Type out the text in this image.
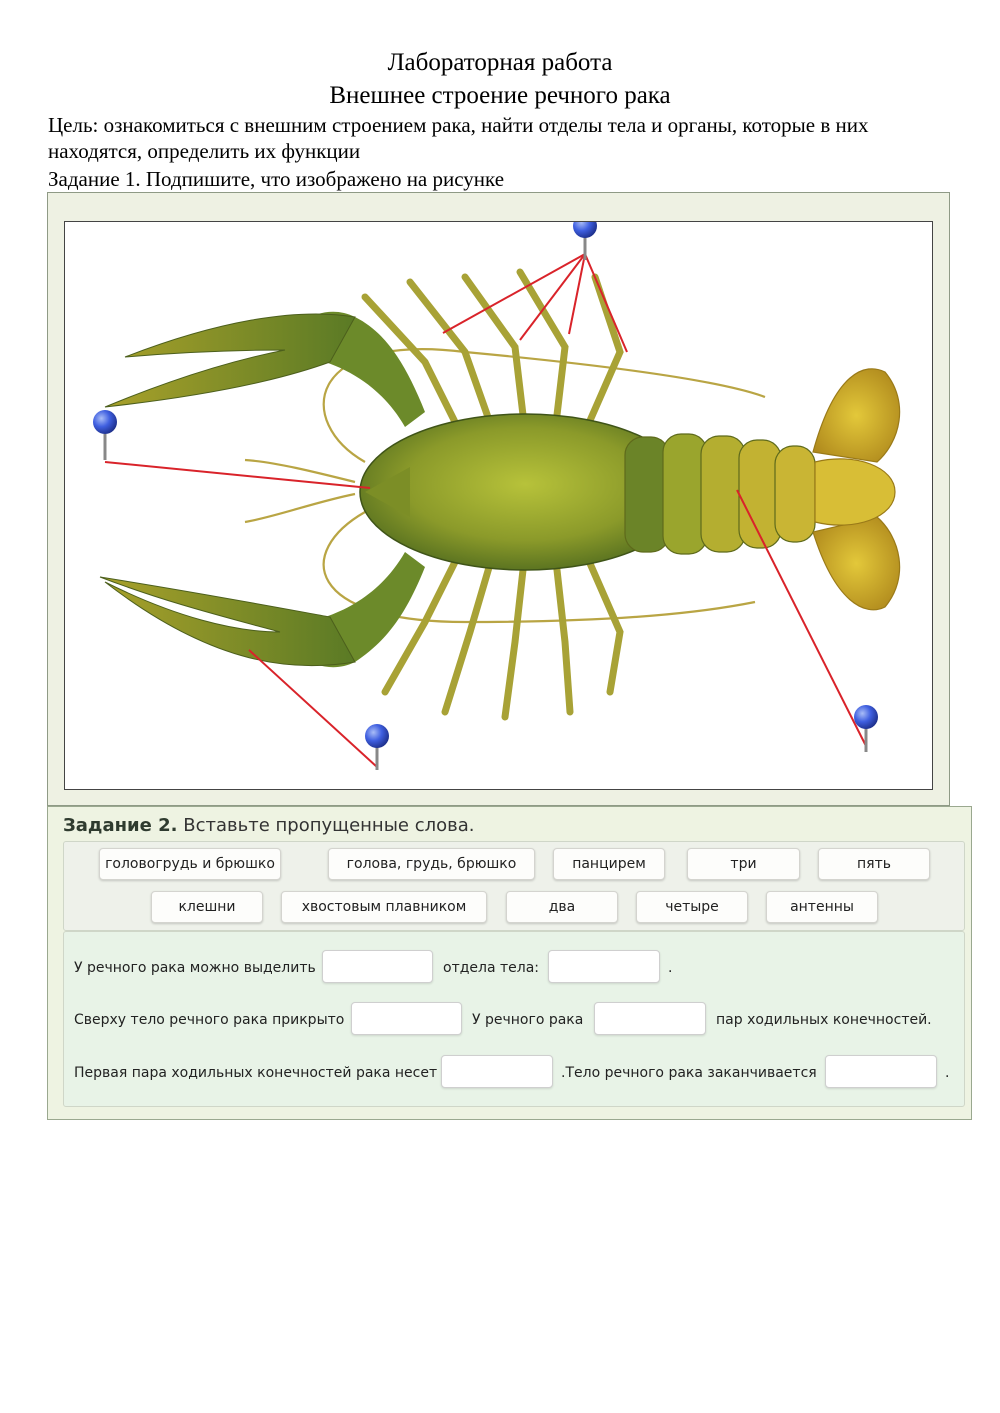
Лабораторная работа
Внешнее строение речного рака
Цель: ознакомиться с внешним строением рака, найти отделы тела и органы, которые в них находятся, определить их функции
Задание 1. Подпишите, что изображено на рисунке
Задание 2. Вставьте пропущенные слова.
головогрудь и брюшко	голова, грудь, брюшко	панцирем	три	пять
клешни	хвостовым плавником	два	четыре	антенны
У речного рака можно выделить	отдела тела:	.
Сверху тело речного рака прикрыто	У речного рака	пар ходильных конечностей.
Первая пара ходильных конечностей рака несет	.Тело речного рака заканчивается	.
